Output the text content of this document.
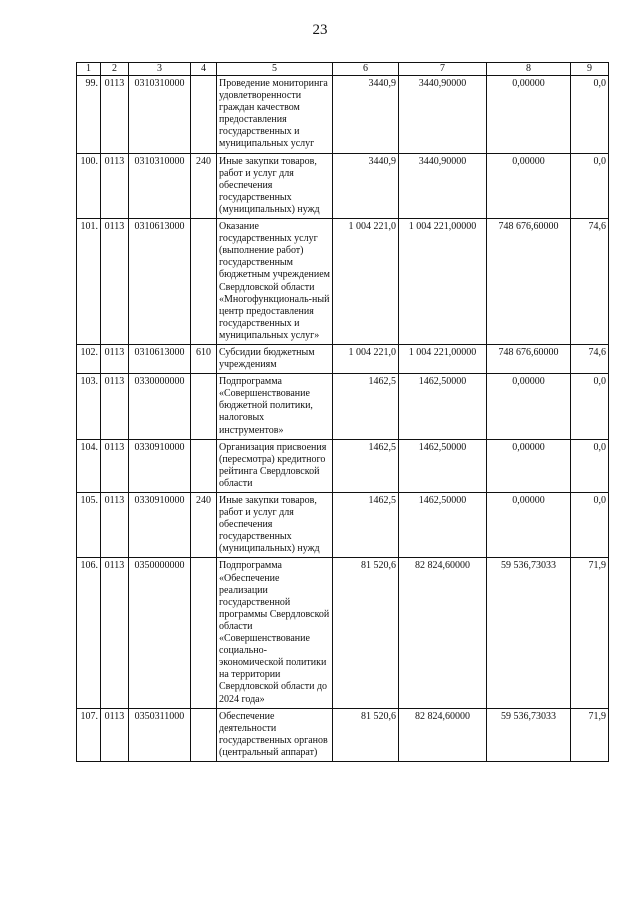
23
1	2	3	4	5	6	7	8	9
99.	0113	0310310000		Проведение мониторинга удовлетворенности граждан качеством предоставления государственных и муниципальных услуг	3440,9	3440,90000	0,00000	0,0
100.	0113	0310310000	240	Иные закупки товаров, работ и услуг для обеспечения государственных (муниципальных) нужд	3440,9	3440,90000	0,00000	0,0
101.	0113	0310613000		Оказание государственных услуг (выполнение работ) государственным бюджетным учреждением Свердловской области «Многофункциональ-ный центр предоставления государственных и муниципальных услуг»	1 004 221,0	1 004 221,00000	748 676,60000	74,6
102.	0113	0310613000	610	Субсидии бюджетным учреждениям	1 004 221,0	1 004 221,00000	748 676,60000	74,6
103.	0113	0330000000		Подпрограмма «Совершенствование бюджетной политики, налоговых инструментов»	1462,5	1462,50000	0,00000	0,0
104.	0113	0330910000		Организация присвоения (пересмотра) кредитного рейтинга Свердловской области	1462,5	1462,50000	0,00000	0,0
105.	0113	0330910000	240	Иные закупки товаров, работ и услуг для обеспечения государственных (муниципальных) нужд	1462,5	1462,50000	0,00000	0,0
106.	0113	0350000000		Подпрограмма «Обеспечение реализации государственной программы Свердловской области «Совершенствование социально-экономической политики на территории Свердловской области до 2024 года»	81 520,6	82 824,60000	59 536,73033	71,9
107.	0113	0350311000		Обеспечение деятельности государственных органов (центральный аппарат)	81 520,6	82 824,60000	59 536,73033	71,9
